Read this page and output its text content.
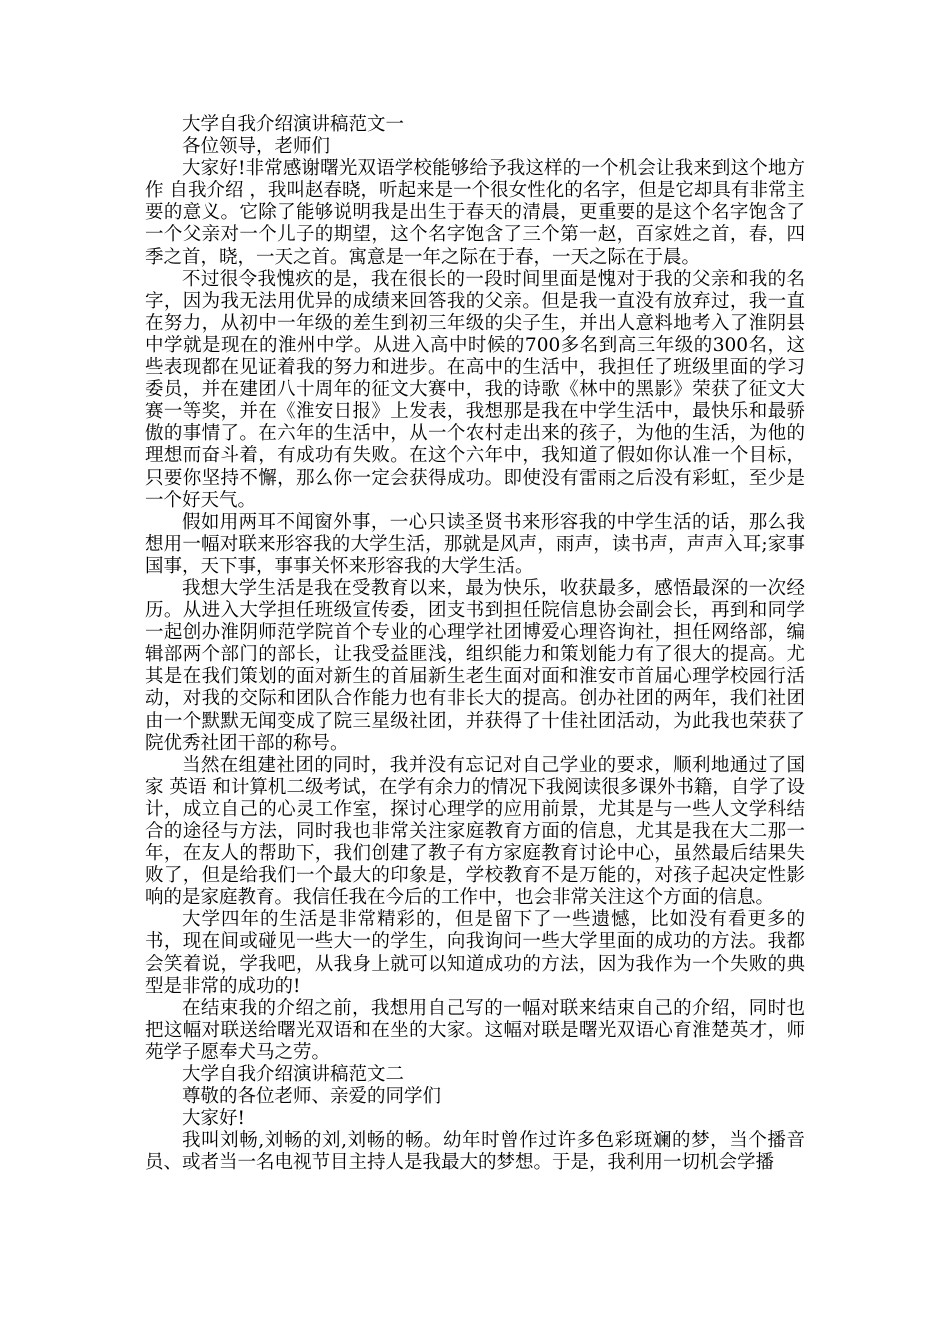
大学自我介绍演讲稿范文一

各位领导，老师们

大家好!非常感谢曙光双语学校能够给予我这样的一个机会让我来到这个地方作 自我介绍 ，我叫赵春晓，听起来是一个很女性化的名字，但是它却具有非常主要的意义。它除了能够说明我是出生于春天的清晨，更重要的是这个名字饱含了一个父亲对一个儿子的期望，这个名字饱含了三个第一赵，百家姓之首，春，四季之首，晓，一天之首。寓意是一年之际在于春，一天之际在于晨。

不过很令我愧疚的是，我在很长的一段时间里面是愧对于我的父亲和我的名字，因为我无法用优异的成绩来回答我的父亲。但是我一直没有放弃过，我一直在努力，从初中一年级的差生到初三年级的尖子生，并出人意料地考入了淮阴县中学就是现在的淮州中学。从进入高中时候的700多名到高三年级的300名，这些表现都在见证着我的努力和进步。在高中的生活中，我担任了班级里面的学习委员，并在建团八十周年的征文大赛中，我的诗歌《林中的黑影》荣获了征文大赛一等奖，并在《淮安日报》上发表，我想那是我在中学生活中，最快乐和最骄傲的事情了。在六年的生活中，从一个农村走出来的孩子，为他的生活，为他的理想而奋斗着，有成功有失败。在这个六年中，我知道了假如你认准一个目标，只要你坚持不懈，那么你一定会获得成功。即使没有雷雨之后没有彩虹，至少是一个好天气。

假如用两耳不闻窗外事，一心只读圣贤书来形容我的中学生活的话，那么我想用一幅对联来形容我的大学生活，那就是风声，雨声，读书声，声声入耳;家事国事，天下事，事事关怀来形容我的大学生活。

我想大学生活是我在受教育以来，最为快乐，收获最多，感悟最深的一次经历。从进入大学担任班级宣传委，团支书到担任院信息协会副会长，再到和同学一起创办淮阴师范学院首个专业的心理学社团博爱心理咨询社，担任网络部，编辑部两个部门的部长，让我受益匪浅，组织能力和策划能力有了很大的提高。尤其是在我们策划的面对新生的首届新生老生面对面和淮安市首届心理学校园行活动，对我的交际和团队合作能力也有非长大的提高。创办社团的两年，我们社团由一个默默无闻变成了院三星级社团，并获得了十佳社团活动，为此我也荣获了院优秀社团干部的称号。

当然在组建社团的同时，我并没有忘记对自己学业的要求，顺利地通过了国家 英语 和计算机二级考试，在学有余力的情况下我阅读很多课外书籍，自学了设计，成立自己的心灵工作室，探讨心理学的应用前景，尤其是与一些人文学科结合的途径与方法，同时我也非常关注家庭教育方面的信息，尤其是我在大二那一年，在友人的帮助下，我们创建了教子有方家庭教育讨论中心，虽然最后结果失败了，但是给我们一个最大的印象是，学校教育不是万能的，对孩子起决定性影响的是家庭教育。我信任我在今后的工作中，也会非常关注这个方面的信息。

大学四年的生活是非常精彩的，但是留下了一些遗憾，比如没有看更多的书，现在间或碰见一些大一的学生，向我询问一些大学里面的成功的方法。我都会笑着说，学我吧，从我身上就可以知道成功的方法，因为我作为一个失败的典型是非常的成功的!

在结束我的介绍之前，我想用自己写的一幅对联来结束自己的介绍，同时也把这幅对联送给曙光双语和在坐的大家。这幅对联是曙光双语心育淮楚英才，师苑学子愿奉犬马之劳。

大学自我介绍演讲稿范文二

尊敬的各位老师、亲爱的同学们

大家好!

我叫刘畅,刘畅的刘,刘畅的畅。幼年时曾作过许多色彩斑斓的梦，当个播音员、或者当一名电视节目主持人是我最大的梦想。于是，我利用一切机会学播
